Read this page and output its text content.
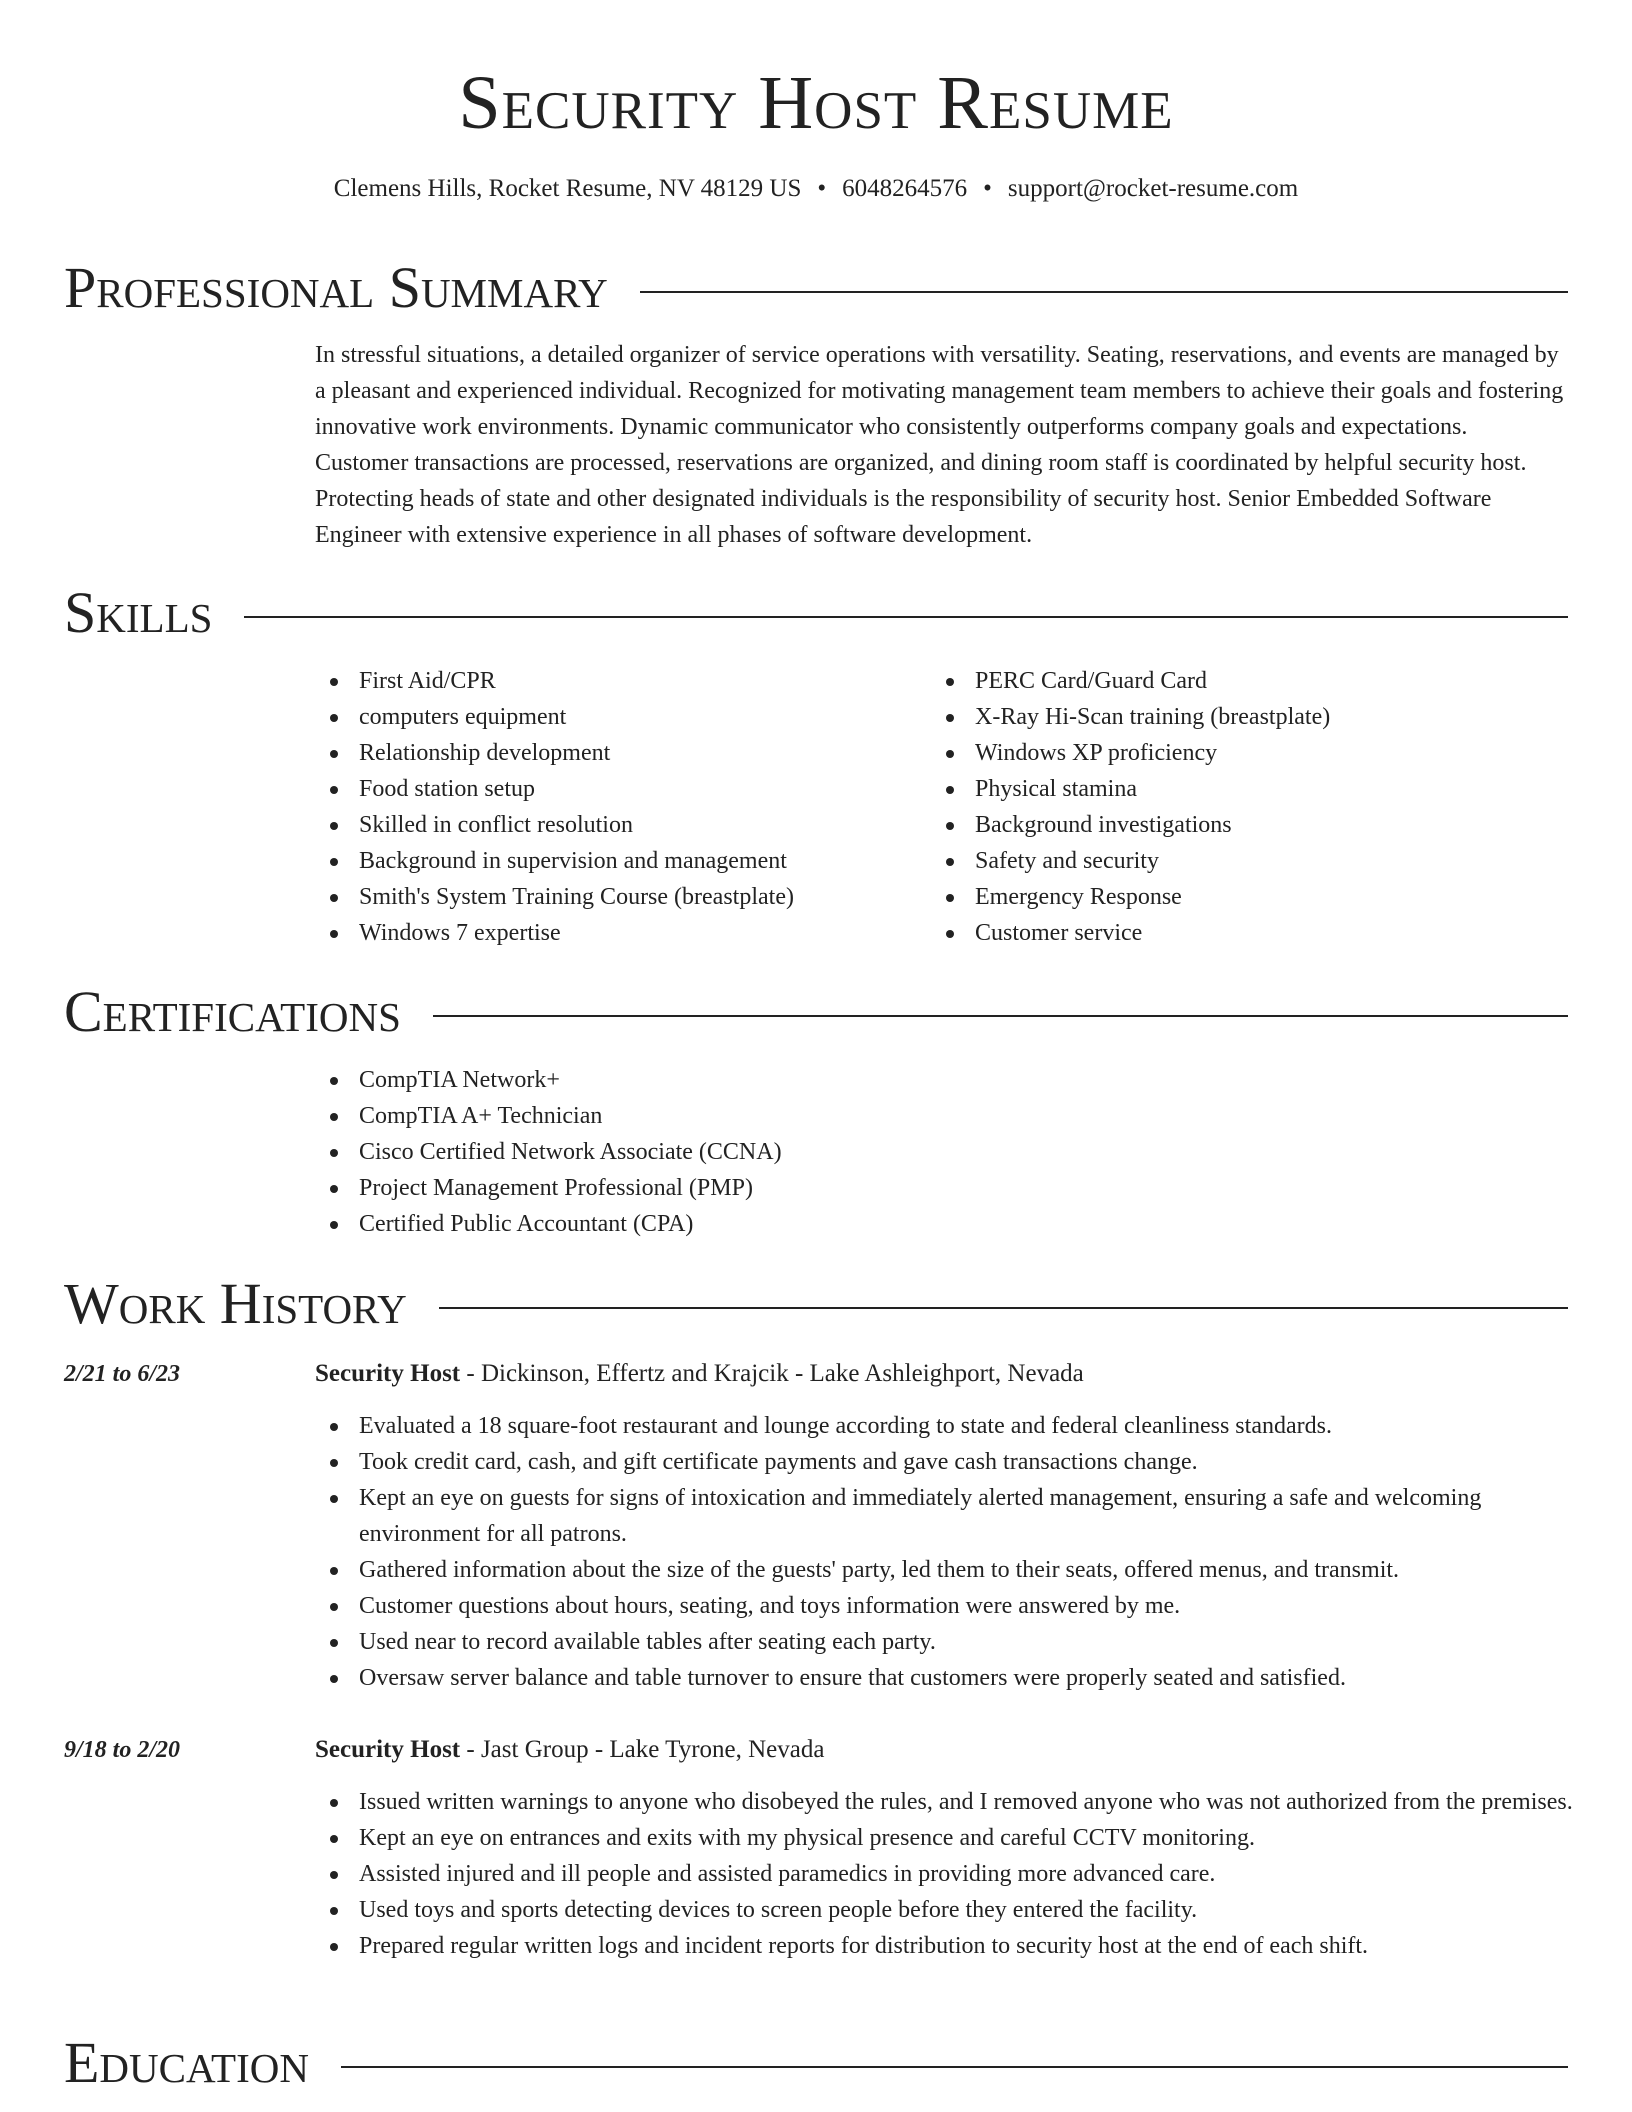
Security Host Resume
Clemens Hills, Rocket Resume, NV 48129 US • 6048264576 • support@rocket-resume.com
Professional Summary
In stressful situations, a detailed organizer of service operations with versatility. Seating, reservations, and events are managed by a pleasant and experienced individual. Recognized for motivating management team members to achieve their goals and fostering innovative work environments. Dynamic communicator who consistently outperforms company goals and expectations. Customer transactions are processed, reservations are organized, and dining room staff is coordinated by helpful security host. Protecting heads of state and other designated individuals is the responsibility of security host. Senior Embedded Software Engineer with extensive experience in all phases of software development.
Skills
First Aid/CPR
computers equipment
Relationship development
Food station setup
Skilled in conflict resolution
Background in supervision and management
Smith's System Training Course (breastplate)
Windows 7 expertise
PERC Card/Guard Card
X-Ray Hi-Scan training (breastplate)
Windows XP proficiency
Physical stamina
Background investigations
Safety and security
Emergency Response
Customer service
Certifications
CompTIA Network+
CompTIA A+ Technician
Cisco Certified Network Associate (CCNA)
Project Management Professional (PMP)
Certified Public Accountant (CPA)
Work History
2/21 to 6/23	Security Host - Dickinson, Effertz and Krajcik - Lake Ashleighport, Nevada
Evaluated a 18 square-foot restaurant and lounge according to state and federal cleanliness standards.
Took credit card, cash, and gift certificate payments and gave cash transactions change.
Kept an eye on guests for signs of intoxication and immediately alerted management, ensuring a safe and welcoming environment for all patrons.
Gathered information about the size of the guests' party, led them to their seats, offered menus, and transmit.
Customer questions about hours, seating, and toys information were answered by me.
Used near to record available tables after seating each party.
Oversaw server balance and table turnover to ensure that customers were properly seated and satisfied.
9/18 to 2/20	Security Host - Jast Group - Lake Tyrone, Nevada
Issued written warnings to anyone who disobeyed the rules, and I removed anyone who was not authorized from the premises.
Kept an eye on entrances and exits with my physical presence and careful CCTV monitoring.
Assisted injured and ill people and assisted paramedics in providing more advanced care.
Used toys and sports detecting devices to screen people before they entered the facility.
Prepared regular written logs and incident reports for distribution to security host at the end of each shift.
Education
